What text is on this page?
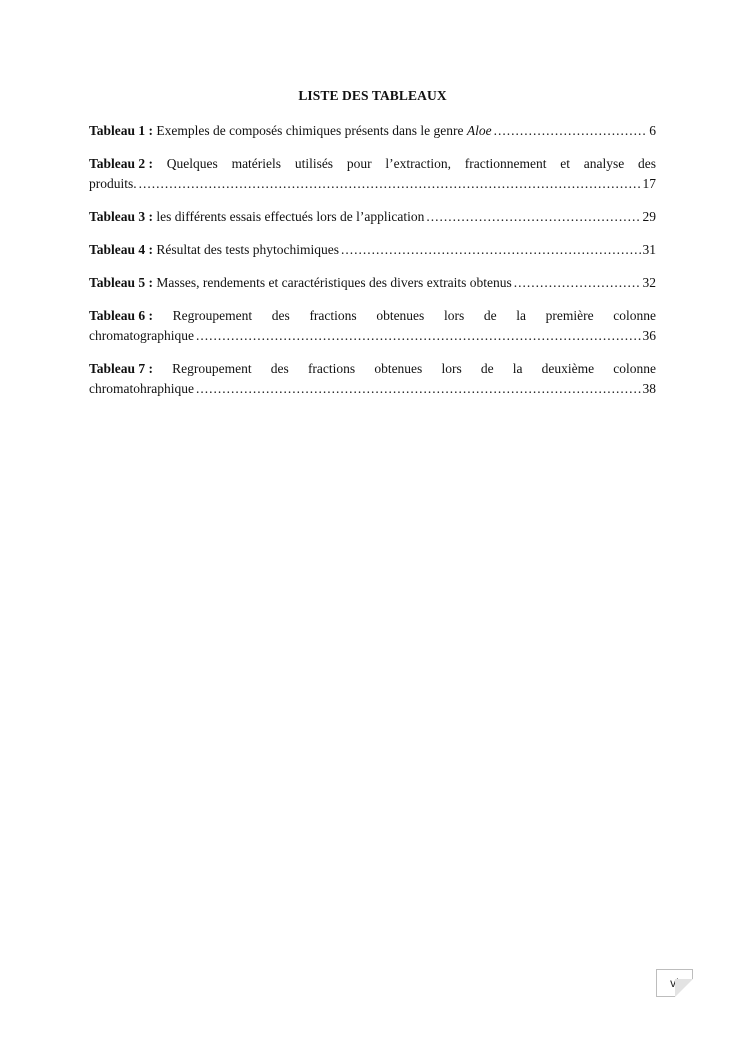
LISTE DES TABLEAUX
Tableau 1 : Exemples de composés chimiques présents dans le genre Aloe .....	6
Tableau 2 : Quelques matériels utilisés pour l’extraction, fractionnement et analyse des
produits. .....	17
Tableau 3 : les différents essais effectués lors de l’application .....	29
Tableau 4 : Résultat des tests phytochimiques .....	31
Tableau 5 : Masses, rendements et caractéristiques des divers extraits obtenus .....	32
Tableau 6 : Regroupement des fractions obtenues lors de la première colonne
chromatographique .....	36
Tableau 7 : Regroupement des fractions obtenues lors de la deuxième colonne
chromatohraphique .....	38
vi
